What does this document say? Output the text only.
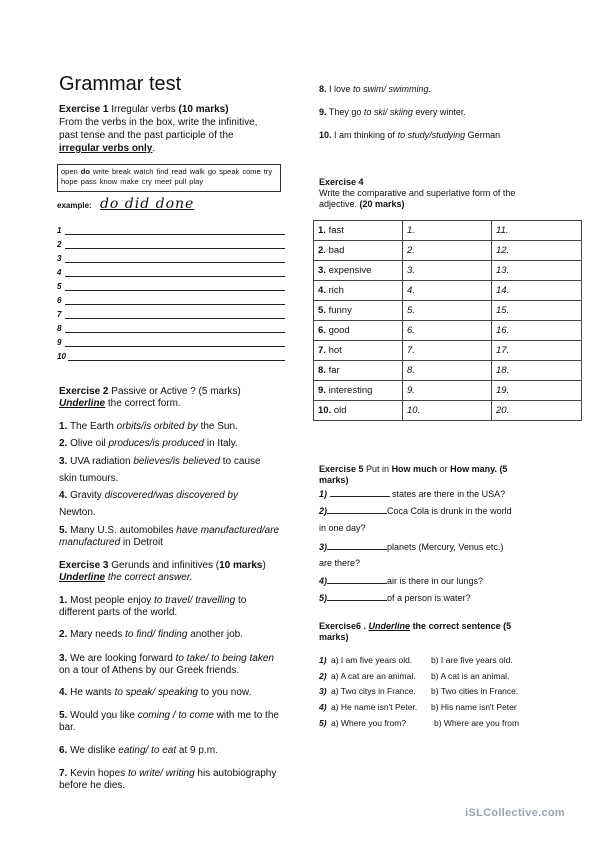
Grammar test
Exercise 1 Irregular verbs (10 marks)
From the verbs in the box, write the infinitive,
past tense and the past participle of the
irregular verbs only.
open do write break watch find read walk go speak come try hope pass know make cry meet pull play
example: do did done
1
2
3
4
5
6
7
8
9
10
Exercise 2 Passive or Active ? (5 marks)
Underline the correct form.
1. The Earth orbits/is orbited by the Sun.
2. Olive oil produces/is produced in Italy.
3. UVA radiation believes/is believed to cause
skin tumours.
4. Gravity discovered/was discovered by
Newton.
5. Many U.S. automobiles have manufactured/are
manufactured in Detroit
Exercise 3 Gerunds and infinitives (10 marks)
Underline the correct answer.
1. Most people enjoy to travel/ travelling to
different parts of the world.
2. Mary needs to find/ finding another job.
3. We are looking forward to take/ to being taken
on a tour of Athens by our Greek friends.
4. He wants to speak/ speaking to you now.
5. Would you like coming / to come with me to the
bar.
6. We dislike eating/ to eat at 9 p.m.
7. Kevin hopes to write/ writing his autobiography
before he dies.
8. I love to swim/ swimming.
9. They go to ski/ skiing every winter.
10. I am thinking of to study/studying German
Exercise 4
Write the comparative and superlative form of the
adjective. (20 marks)
1. fast	1.	11.
2. bad	2.	12.
3. expensive	3.	13.
4. rich	4.	14.
5. funny	5.	15.
6. good	6.	16.
7. hot	7.	17.
8. far	8.	18.
9. interesting	9.	19.
10. old	10.	20.
Exercise 5 Put in How much or How many. (5
marks)
1)	states are there in the USA?
2)	Coca Cola is drunk in the world
in one day?
3)	planets (Mercury, Venus etc.)
are there?
4)	air is there in our lungs?
5)	of a person is water?
Exercise6 . Underline the correct sentence (5
marks)
1) a) I am five years old. b) I are five years old.
2) a) A cat are an animal. b) A cat is an animal.
3) a) Two citys in France. b) Two cities in France.
4) a) He name isn't Peter. b) His name isn't Peter
5) a) Where you from?	b) Where are you from
iSLCollective.com
